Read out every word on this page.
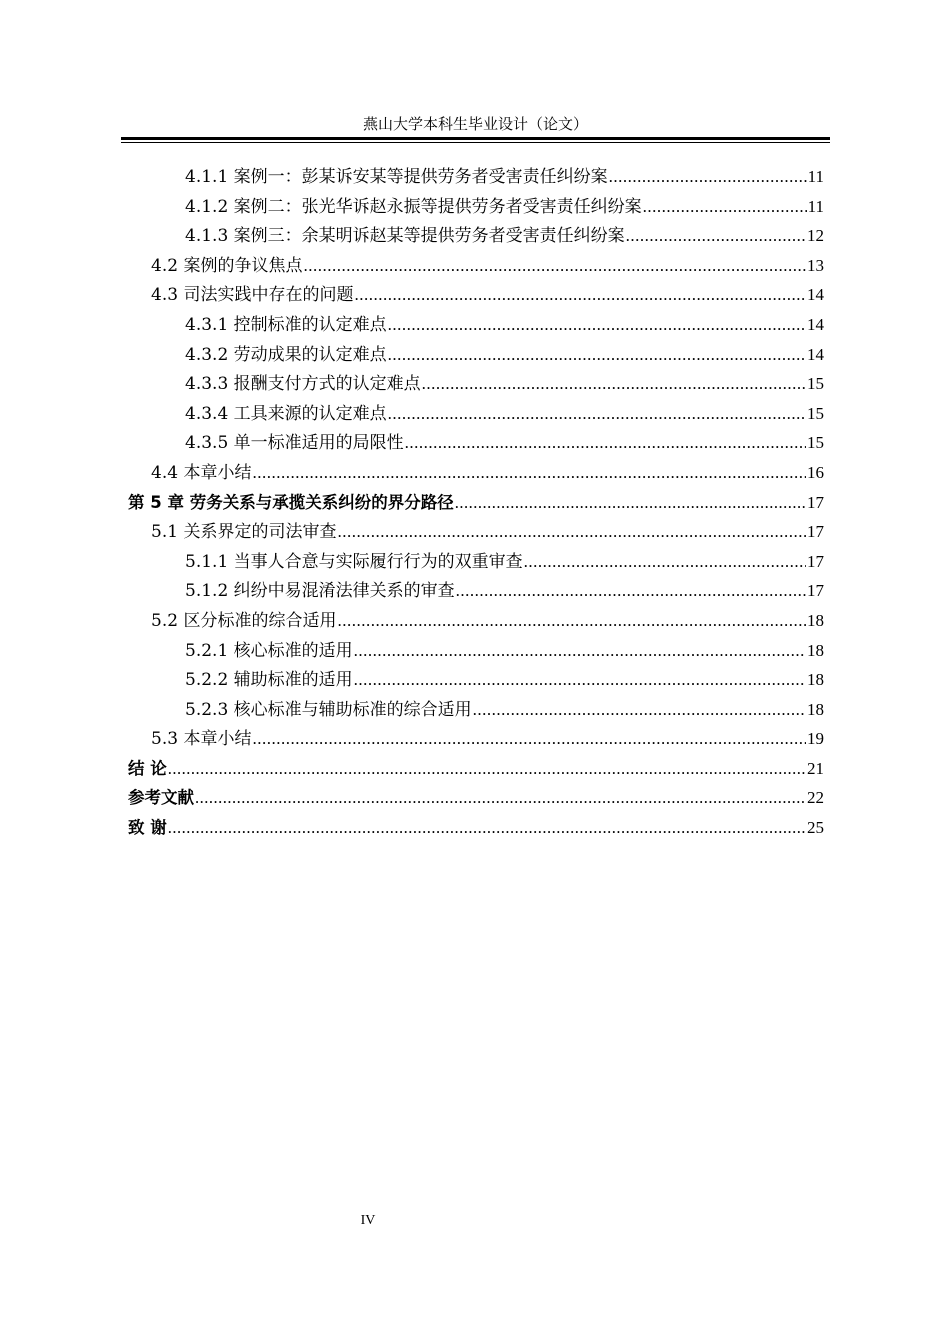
燕山大学本科生毕业设计（论文）
4.1.1 案例一：彭某诉安某等提供劳务者受害责任纠纷案 .....	11
4.1.2 案例二：张光华诉赵永振等提供劳务者受害责任纠纷案 .....	11
4.1.3 案例三：余某明诉赵某等提供劳务者受害责任纠纷案 .....	12
4.2 案例的争议焦点 .....	13
4.3 司法实践中存在的问题 .....	14
4.3.1 控制标准的认定难点 .....	14
4.3.2 劳动成果的认定难点 .....	14
4.3.3 报酬支付方式的认定难点 .....	15
4.3.4 工具来源的认定难点 .....	15
4.3.5 单一标准适用的局限性 .....	15
4.4 本章小结 .....	16
第 5 章 劳务关系与承揽关系纠纷的界分路径 .....	17
5.1 关系界定的司法审查 .....	17
5.1.1 当事人合意与实际履行行为的双重审查 .....	17
5.1.2 纠纷中易混淆法律关系的审查 .....	17
5.2 区分标准的综合适用 .....	18
5.2.1 核心标准的适用 .....	18
5.2.2 辅助标准的适用 .....	18
5.2.3 核心标准与辅助标准的综合适用 .....	18
5.3 本章小结 .....	19
结 论 .....	21
参考文献 .....	22
致 谢 .....	25
IV
